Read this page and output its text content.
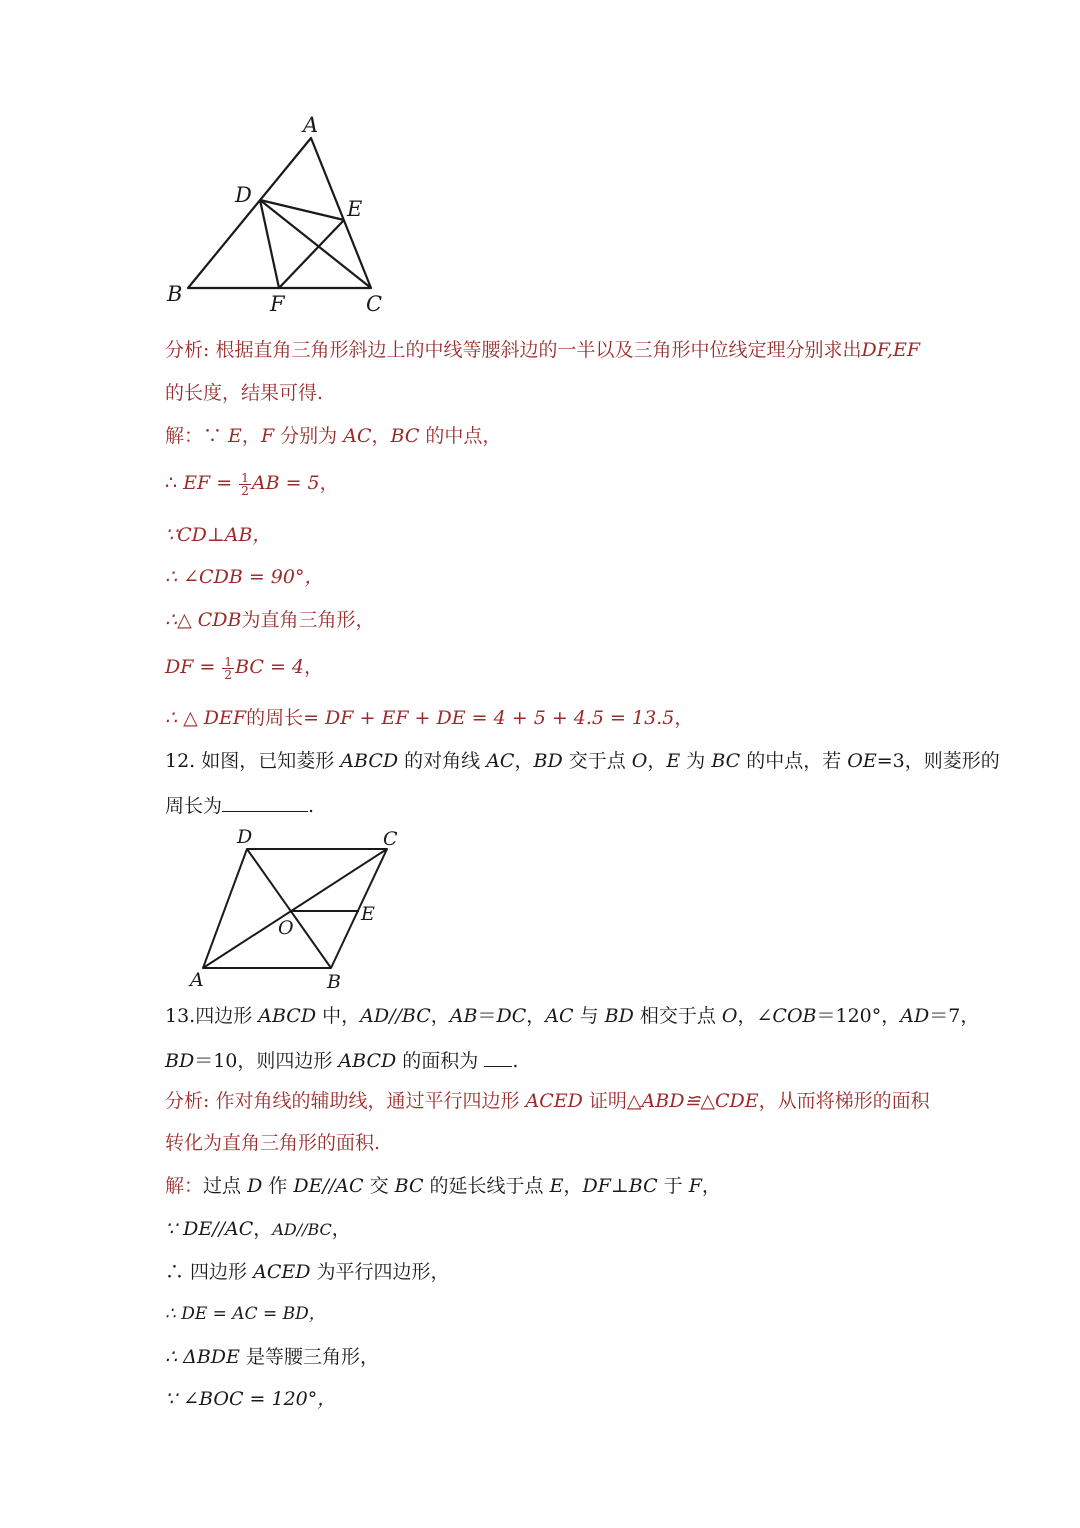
A
D
E
B	F	C
分析: 根据直角三角形斜边上的中线等腰斜边的一半以及三角形中位线定理分别求出DF,EF
的长度，结果可得.
解：∵ E，F 分别为 AC，BC 的中点，
∴ EF = $\frac{1}{2}$ AB = 5，
∵CD⊥AB，
∴ ∠CDB = 90°，
∴△ CDB为直角三角形，
DF = $\frac{1}{2}$ BC = 4，
∴ △ DEF的周长= DF + EF + DE = 4 + 5 + 4.5 = 13.5，
12. 如图，已知菱形 ABCD 的对角线 AC，BD 交于点 O，E 为 BC 的中点，若 OE=3，则菱形的
周长为	.
D	C
E
O
A	B
13.四边形 ABCD 中，AD//BC，AB＝DC，AC 与 BD 相交于点 O，∠COB＝120°，AD＝7，
BD＝10，则四边形 ABCD 的面积为 .
分析: 作对角线的辅助线，通过平行四边形 ACED 证明△ABD≌△CDE，从而将梯形的面积
转化为直角三角形的面积.
解：过点 D 作 DE//AC 交 BC 的延长线于点 E，DF⊥BC 于 F，
∵ DE//AC，AD//BC，
∴ 四边形 ACED 为平行四边形，
∴ DE = AC = BD，
∴ ΔBDE 是等腰三角形，
∵ ∠BOC = 120°，
